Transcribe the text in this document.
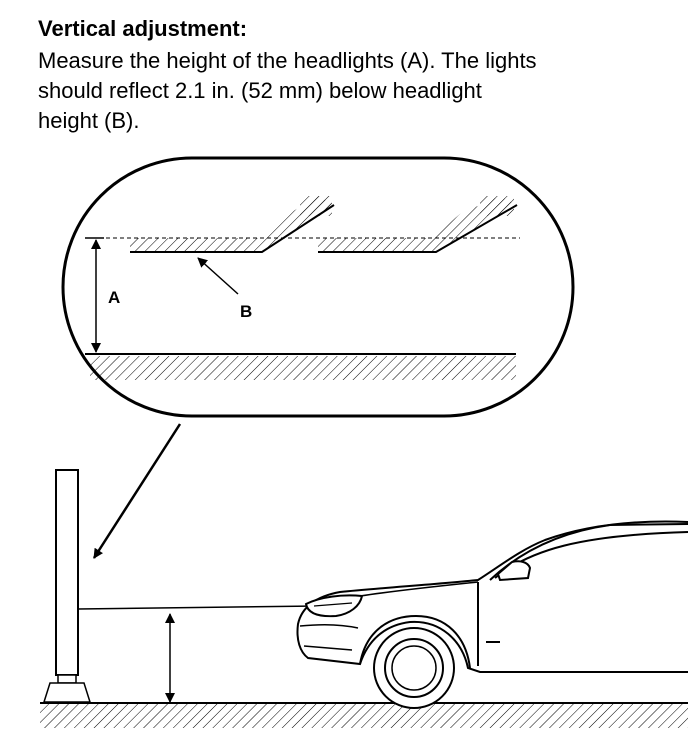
Vertical adjustment:
Measure the height of the headlights (A). The lights
should reflect 2.1 in. (52 mm) below headlight
height (B).
A
B
